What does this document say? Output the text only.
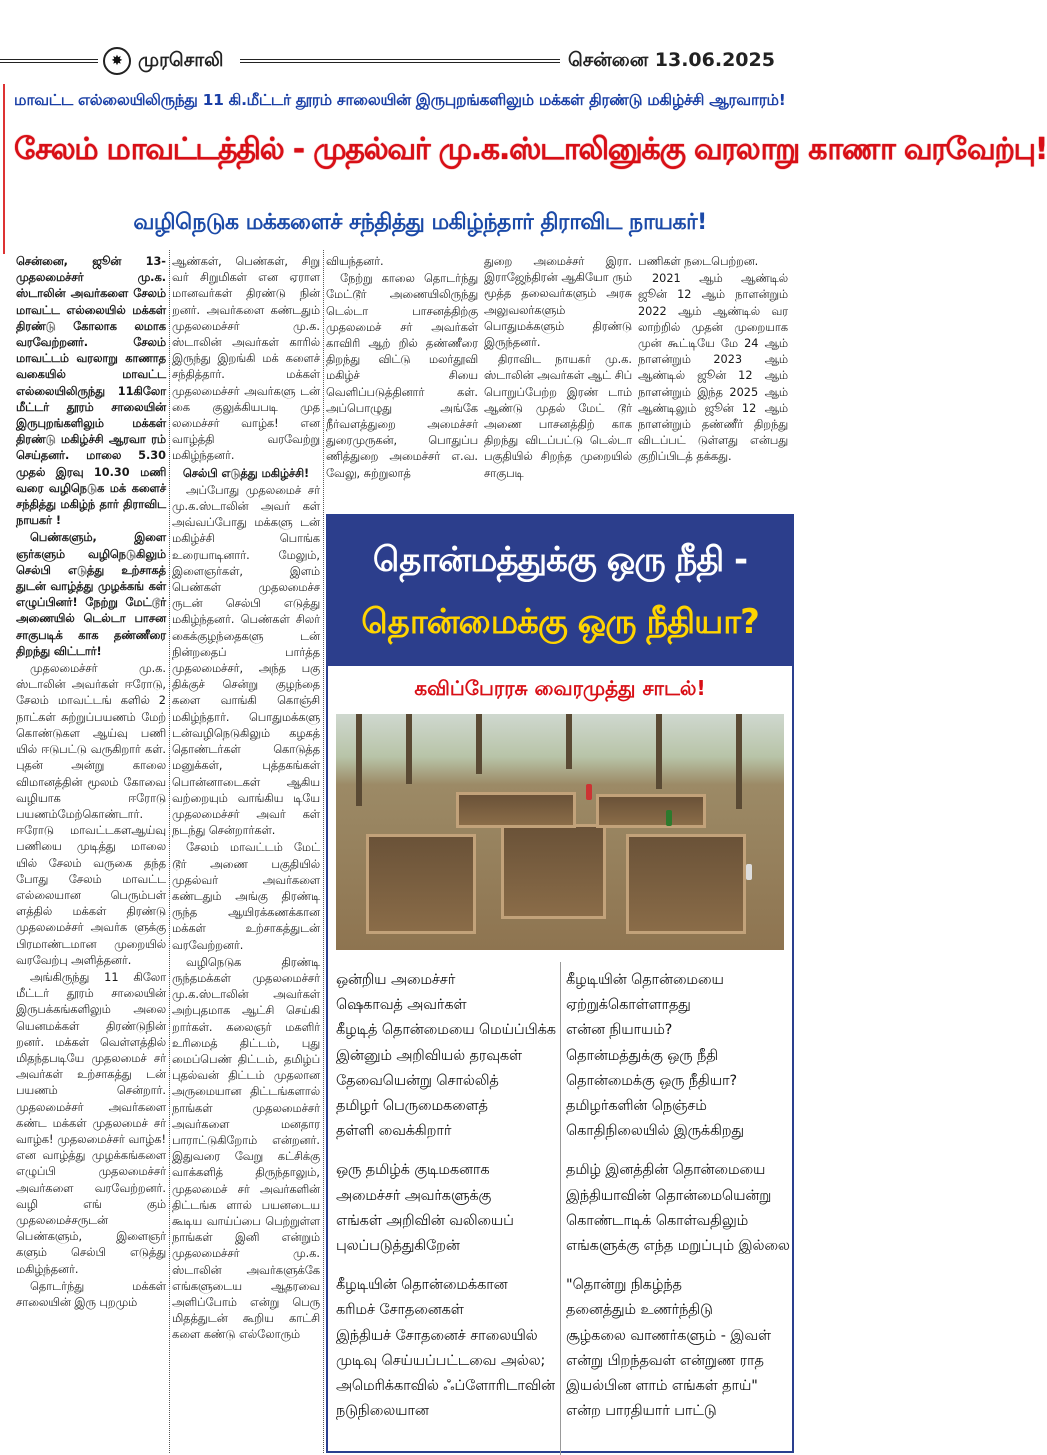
✸ முரசொலி	சென்னை 13.06.2025
மாவட்ட எல்லையிலிருந்து 11 கி.மீட்டர் தூரம் சாலையின் இருபுறங்களிலும் மக்கள் திரண்டு மகிழ்ச்சி ஆரவாரம்!
சேலம் மாவட்டத்தில் - முதல்வர் மு.க.ஸ்டாலினுக்கு வரலாறு காணா வரவேற்பு!
வழிநெடுக மக்களைச் சந்தித்து மகிழ்ந்தார் திராவிட நாயகர்!

சென்னை, ஜூன் 13- முதலமைச்சர் மு.க. ஸ்டாலின் அவர்களை சேலம் மாவட்ட எல்லையில் மக்கள் திரண்டு கோலாக லமாக வரவேற்றனர். சேலம் மாவட்டம் வரலாறு காணாத வகையில் மாவட்ட எல்லையிலிருந்து 11கிலோ மீட்டர் தூரம் சாலையின் இருபுறங்களிலும் மக்கள் திரண்டு மகிழ்ச்சி ஆரவா ரம் செய்தனர். மாலை 5.30 முதல் இரவு 10.30 மணி வரை வழிநெடுக மக் களைச் சந்தித்து மகிழ்ந் தார் திராவிட நாயகர் !

பெண்களும், இளை ஞர்களும் வழிநெடுகிலும் செல்பி எடுத்து உற்சாகத் துடன் வாழ்த்து முழக்கங் கள் எழுப்பினர்! நேற்று மேட்டூர் அணையில் டெல்டா பாசன சாகுபடிக் காக தண்ணீரை திறந்து விட்டார்!

முதலமைச்சர் மு.க. ஸ்டாலின் அவர்கள் ஈரோடு, சேலம் மாவட்டங் களில் 2 நாட்கள் சுற்றுப்பயணம் மேற் கொண்டுகள ஆய்வு பணி யில் ஈடுபட்டு வருகிறார் கள். புதன் அன்று காலை விமானத்தின் மூலம் கோவை வழியாக ஈரோடு பயணம்மேற்கொண்டார். ஈரோடு மாவட்டகளஆய்வு பணியை முடித்து மாலை யில் சேலம் வருகை தந்த போது சேலம் மாவட்ட எல்லையான பெரும்பள் ளத்தில் மக்கள் திரண்டு முதலமைச்சர் அவர்க ளுக்கு பிரமாண்டமான முறையில் வரவேற்பு அளித்தனர்.

அங்கிருந்து 11 கிலோ மீட்டர் தூரம் சாலையின் இருபக்கங்களிலும் அலை யெனமக்கள் திரண்டுநின் றனர். மக்கள் வெள்ளத்தில் மிதந்தபடியே முதலமைச் சர் அவர்கள் உற்சாகத்து டன் பயணம் சென்றார். முதலமைச்சர் அவர்களை கண்ட மக்கள் முதலமைச் சர் வாழ்க! முதலமைச்சர் வாழ்க! என வாழ்த்து முழக்கங்களை எழுப்பி முதலமைச்சர் அவர்களை வரவேற்றனர். வழி எங் கும் முதலமைச்சருடன் பெண்களும், இளைஞர் களும் செல்பி எடுத்து மகிழ்ந்தனர்.

தொடர்ந்து மக்கள் சாலையின் இரு புறமும்

ஆண்கள், பெண்கள், சிறு வர் சிறுமிகள் என ஏராள மானவர்கள் திரண்டு நின் றனர். அவர்களை கண்டதும் முதலமைச்சர் மு.க. ஸ்டாலின் அவர்கள் காரில் இருந்து இறங்கி மக் களைச் சந்தித்தார். மக்கள் முதலமைச்சர் அவர்களு டன் கை குலுக்கியபடி முத லமைச்சர் வாழ்க! என வாழ்த்தி வரவேற்று மகிழ்ந்தனர்.

செல்பி எடுத்து மகிழ்ச்சி!

அப்போது முதலமைச் சர் மு.க.ஸ்டாலின் அவர் கள் அவ்வப்போது மக்களு டன் மகிழ்ச்சி பொங்க உரையாடினார். மேலும், இளைஞர்கள், இளம் பெண்கள் முதலமைச்ச ருடன் செல்பி எடுத்து மகிழ்ந்தனர். பெண்கள் சிலர் கைக்குழந்தைகளு டன் நின்றதைப் பார்த்த முதலமைச்சர், அந்த பகு திக்குச் சென்று குழந்தை களை வாங்கி கொஞ்சி மகிழ்ந்தார். பொதுமக்களு டன்வழிநெடுகிலும் கழகத் தொண்டர்கள் கொடுத்த மனுக்கள், புத்தகங்கள் பொன்னாடைகள் ஆகிய வற்றையும் வாங்கிய டியே முதலமைச்சர் அவர் கள் நடந்து சென்றார்கள்.

சேலம் மாவட்டம் மேட் டூர் அணை பகுதியில் முதல்வர் அவர்களை கண்டதும் அங்கு திரண்டி ருந்த ஆயிரக்கணக்கான மக்கள் உற்சாகத்துடன் வரவேற்றனர்.

வழிநெடுக திரண்டி ருந்தமக்கள் முதலமைச்சர் மு.க.ஸ்டாலின் அவர்கள் அற்புதமாக ஆட்சி செய்கி றார்கள். கலைஞர் மகளிர் உரிமைத் திட்டம், புது மைப்பெண் திட்டம், தமிழ்ப் புதல்வன் திட்டம் முதலான அருமையான திட்டங்களால் நாங்கள் முதலமைச்சர் அவர்களை மனதார பாராட்டுகிறோம் என்றனர். இதுவரை வேறு கட்சிக்கு வாக்களித் திருந்தாலும், முதலமைச் சர் அவர்களின் திட்டங்க ளால் பயனடைய கூடிய வாய்ப்பை பெற்றுள்ள நாங்கள் இனி என்றும் முதலமைச்சர் மு.க. ஸ்டாலின் அவர்களுக்கே எங்களுடைய ஆதரவை அளிப்போம் என்று பெரு மிதத்துடன் கூறிய காட்சி களை கண்டு எல்லோரும்

வியந்தனர்.

நேற்று காலை தொடர்ந்து மேட்டூர் அணையிலிருந்து டெல்டா பாசனத்திற்கு முதலமைச் சர் அவர்கள் காவிரி ஆற் றில் தண்ணீரை திறந்து விட்டு மலர்தூவி மகிழ்ச் சியை வெளிப்படுத்தினார் கள். அப்பொழுது அங்கே நீர்வளத்துறை அமைச்சர் துரைமுருகன், பொதுப்ப ணித்துறை அமைச்சர் எ.வ. வேலு, சுற்றுலாத்

துறை அமைச்சர் இரா. இராஜேந்திரன் ஆகியோ ரும் மூத்த தலைவர்களும் அரசு அலுவலர்களும் பொதுமக்களும் திரண்டு இருந்தனர்.

திராவிட நாயகர் மு.க. ஸ்டாலின் அவர்கள் ஆட் சிப் பொறுப்பேற்ற இரண் டாம் ஆண்டு முதல் மேட் டூர் அணை பாசனத்திற் காக திறந்து விடப்பட்டு டெல்டா பகுதியில் சிறந்த முறையில் சாகுபடி

பணிகள் நடைபெற்றன.

2021 ஆம் ஆண்டில் ஜூன் 12 ஆம் நாளன்றும் 2022 ஆம் ஆண்டில் வர லாற்றில் முதன் முறையாக முன் கூட்டியே மே 24 ஆம் நாளன்றும் 2023 ஆம் ஆண்டில் ஜூன் 12 ஆம் நாளன்றும் இந்த 2025 ஆம் ஆண்டிலும் ஜூன் 12 ஆம் நாளன்றும் தண்ணீர் திறந்து விடப்பட் டுள்ளது என்பது குறிப்பிடத் தக்கது.

தொன்மத்துக்கு ஒரு நீதி -
தொன்மைக்கு ஒரு நீதியா?
கவிப்பேரரசு வைரமுத்து சாடல்!

ஒன்றிய அமைச்சர்
ஷெகாவத் அவர்கள்
கீழடித் தொன்மையை மெய்ப்பிக்க
இன்னும் அறிவியல் தரவுகள்
தேவையென்று சொல்லித்
தமிழர் பெருமைகளைத்
தள்ளி வைக்கிறார்

ஒரு தமிழ்க் குடிமகனாக
அமைச்சர் அவர்களுக்கு
எங்கள் அறிவின் வலியைப்
புலப்படுத்துகிறேன்

கீழடியின் தொன்மைக்கான
கரிமச் சோதனைகள்
இந்தியச் சோதனைச் சாலையில்
முடிவு செய்யப்பட்டவை அல்ல;
அமெரிக்காவில் ஃப்ளோரிடாவின்
நடுநிலையான

கீழடியின் தொன்மையை
ஏற்றுக்கொள்ளாதது
என்ன நியாயம்?
தொன்மத்துக்கு ஒரு நீதி
தொன்மைக்கு ஒரு நீதியா?
தமிழர்களின் நெஞ்சம்
கொதிநிலையில் இருக்கிறது

தமிழ் இனத்தின் தொன்மையை
இந்தியாவின் தொன்மையென்று
கொண்டாடிக் கொள்வதிலும்
எங்களுக்கு எந்த மறுப்பும் இல்லை

"தொன்று நிகழ்ந்த
தனைத்தும் உணர்ந்திடு
சூழ்கலை வாணர்களும் - இவள்
என்று பிறந்தவள் என்றுண ராத
இயல்பின ளாம் எங்கள் தாய்"
என்ற பாரதியார் பாட்டு
